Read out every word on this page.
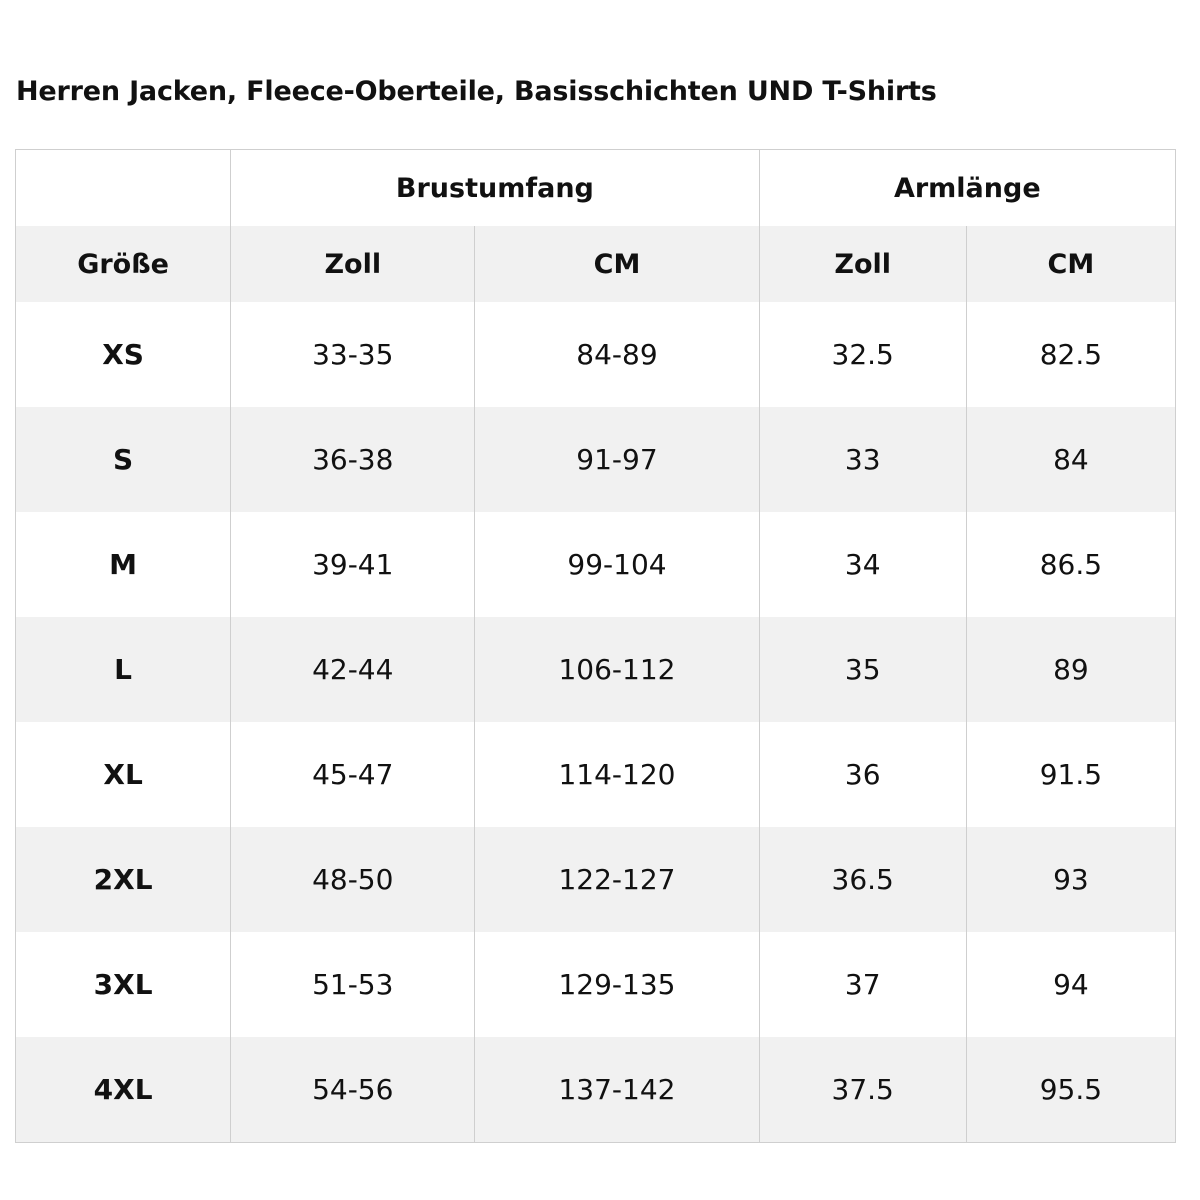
Herren Jacken, Fleece-Oberteile, Basisschichten UND T-Shirts
	Brustumfang		Armlänge	
Größe	Zoll	CM	Zoll	CM
XS	33-35	84-89	32.5	82.5
S	36-38	91-97	33	84
M	39-41	99-104	34	86.5
L	42-44	106-112	35	89
XL	45-47	114-120	36	91.5
2XL	48-50	122-127	36.5	93
3XL	51-53	129-135	37	94
4XL	54-56	137-142	37.5	95.5
